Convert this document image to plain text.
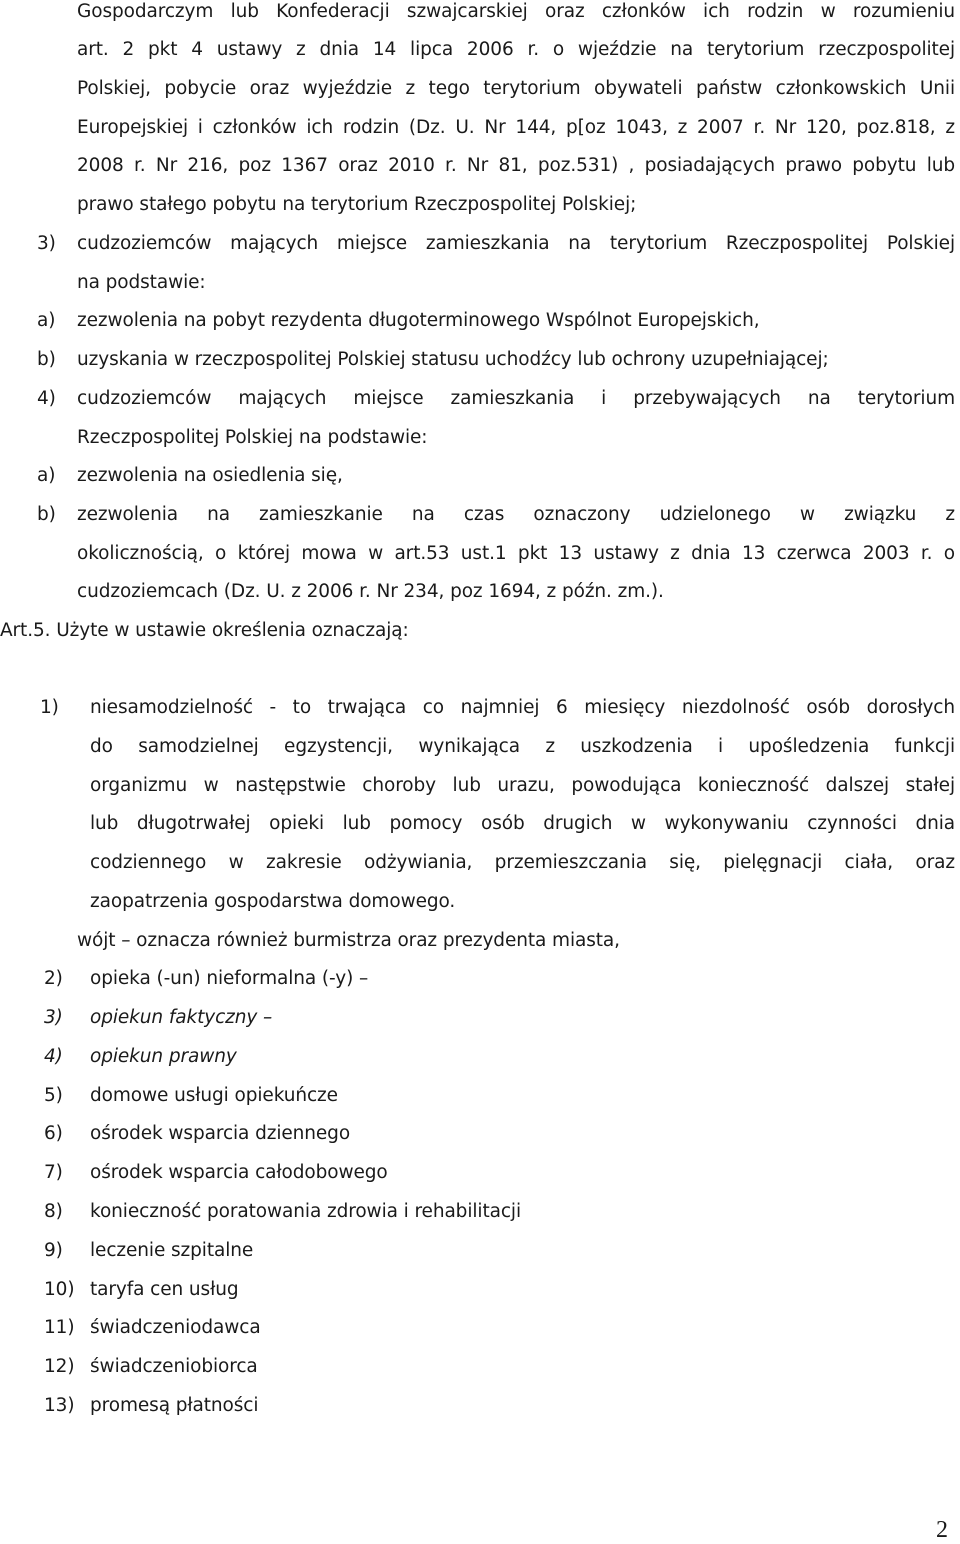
Gospodarczym lub Konfederacji szwajcarskiej oraz członków ich rodzin w rozumieniu
art. 2 pkt 4 ustawy z dnia 14 lipca 2006 r. o wjeździe na terytorium rzeczpospolitej
Polskiej, pobycie oraz wyjeździe z tego terytorium obywateli państw członkowskich Unii
Europejskiej i członków ich rodzin (Dz. U. Nr 144, p[oz 1043, z 2007 r. Nr 120, poz.818, z
2008 r. Nr 216, poz 1367 oraz 2010 r. Nr 81, poz.531) , posiadających prawo pobytu lub
prawo stałego pobytu na terytorium Rzeczpospolitej Polskiej;
3) cudzoziemców mających miejsce zamieszkania na terytorium Rzeczpospolitej Polskiej
na podstawie:
a) zezwolenia na pobyt rezydenta długoterminowego Wspólnot Europejskich,
b) uzyskania w rzeczpospolitej Polskiej statusu uchodźcy lub ochrony uzupełniającej;
4) cudzoziemców mających miejsce zamieszkania i przebywających na terytorium
Rzeczpospolitej Polskiej na podstawie:
a) zezwolenia na osiedlenia się,
b) zezwolenia na zamieszkanie na czas oznaczony udzielonego w związku z
okolicznością, o której mowa w art.53 ust.1 pkt 13 ustawy z dnia 13 czerwca 2003 r. o
cudzoziemcach (Dz. U. z 2006 r. Nr 234, poz 1694, z późn. zm.).
Art.5. Użyte w ustawie określenia oznaczają:
1) niesamodzielność - to trwająca co najmniej 6 miesięcy niezdolność osób dorosłych
do samodzielnej egzystencji, wynikająca z uszkodzenia i upośledzenia funkcji
organizmu w następstwie choroby lub urazu, powodująca konieczność dalszej stałej
lub długotrwałej opieki lub pomocy osób drugich w wykonywaniu czynności dnia
codziennego w zakresie odżywiania, przemieszczania się, pielęgnacji ciała, oraz
zaopatrzenia gospodarstwa domowego.
wójt – oznacza również burmistrza oraz prezydenta miasta,
2) opieka (-un) nieformalna (-y) –
3) opiekun faktyczny –
4) opiekun prawny
5) domowe usługi opiekuńcze
6) ośrodek wsparcia dziennego
7) ośrodek wsparcia całodobowego
8) konieczność poratowania zdrowia i rehabilitacji
9) leczenie szpitalne
10) taryfa cen usług
11) świadczeniodawca
12) świadczeniobiorca
13) promesą płatności
2
